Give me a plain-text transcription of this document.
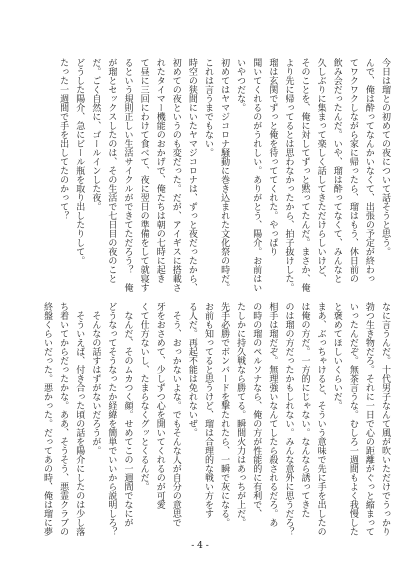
今日は瑠との初めての夜について話そうと思う。
んで、俺は酔ってなんかいなくて、出張の予定が終わっ
てワクワクしながら家に帰ったら、瑠はもう、休日前の
飲み会だったんだ。いや、瑠は酔ってなくて、みんなと
久しぶりに集まって楽しく話してきただけらしいけど、
そのことを、俺に対してずっと黙ってたんだ。まさか、俺
より先に帰ってるとは思わなかったから、拍子抜けした。
瑠は玄関でずっと俺を待っててくれた。やっぱり
聞いてくれるのがうれしい。ありがとう、陽介。お前はい
いやつだな。
初めてはヤマジコロナ騒動に巻き込まれた文化祭の時だ。
これは言うまでもない。
時空の狭間にいたヤマジコロナは、ずっと夜だったから、
初めての夜というのも変だった。だが、アイギスに搭載さ
れたタイマー機能のおかげで、俺たちは朝の七時に起き
て昼に三回にわけて食べて、夜に翌日の準備をして就寝す
るという規則正しい生活サイクルができてただろう？　俺
が瑠とセックスしたのは、その生活で七日目の夜のこと
だ。ごく自然に、ゴールインした夜。
どうした陽介、急にビール瓶を取り出したりして。
たった一週間で手を出してたのかって？
なに言うんだ。十代男子なんて風が吹いただけでうっかり
勃つ生き物だろ。それに一日で心の距離がぐっと縮まって
いったんだぞ。無茶言うな。むしろ一週間もよく我慢した
と褒めてほしいくらいだ。
まあ、ぶっちゃけると、そういう意味で先に手を出したの
は俺の方だ。一方的にじゃない。なんなら誘ってきた
のは瑠の方だったかもしれない。みんな意外に思うだろ？
相手は瑠だぞ。無理強いなんてしたら殺されるだろ。あ
の時の瑠のペルソナなら、俺の方が性能的に有利で、
たしかに持久戦なら勝てる。瞬間火力はあっちが上だ。
先手必勝でボンバードを撃たれたら、一瞬で灰になる。
お前も知ってると思うけど、瑠は合理的な戦い方をす
る人だ。再起不能は免れないぜ。
　そう、おっかないよな。でもそんな人が自分の意思で
牙をおさめて、少しずつ心を開いてくれるのが可愛
くて仕方ないし、たまらなくグッとくるんだ。
　なんだ、そのムカつく顔。せめてこの一週間でなにが
どうなってそうなったか経緯を簡単でいいから説明しろ？
　そんなの話すはずがないだろうが。
　そういえば、付き合った頃の話を陽介にしたのは少し落
ち着いてからだったかな。ああ、そうそう、悪霊クラブの
終盤くらいだった。悪かった。だってあの時、俺は瑠に夢
- 4 -
